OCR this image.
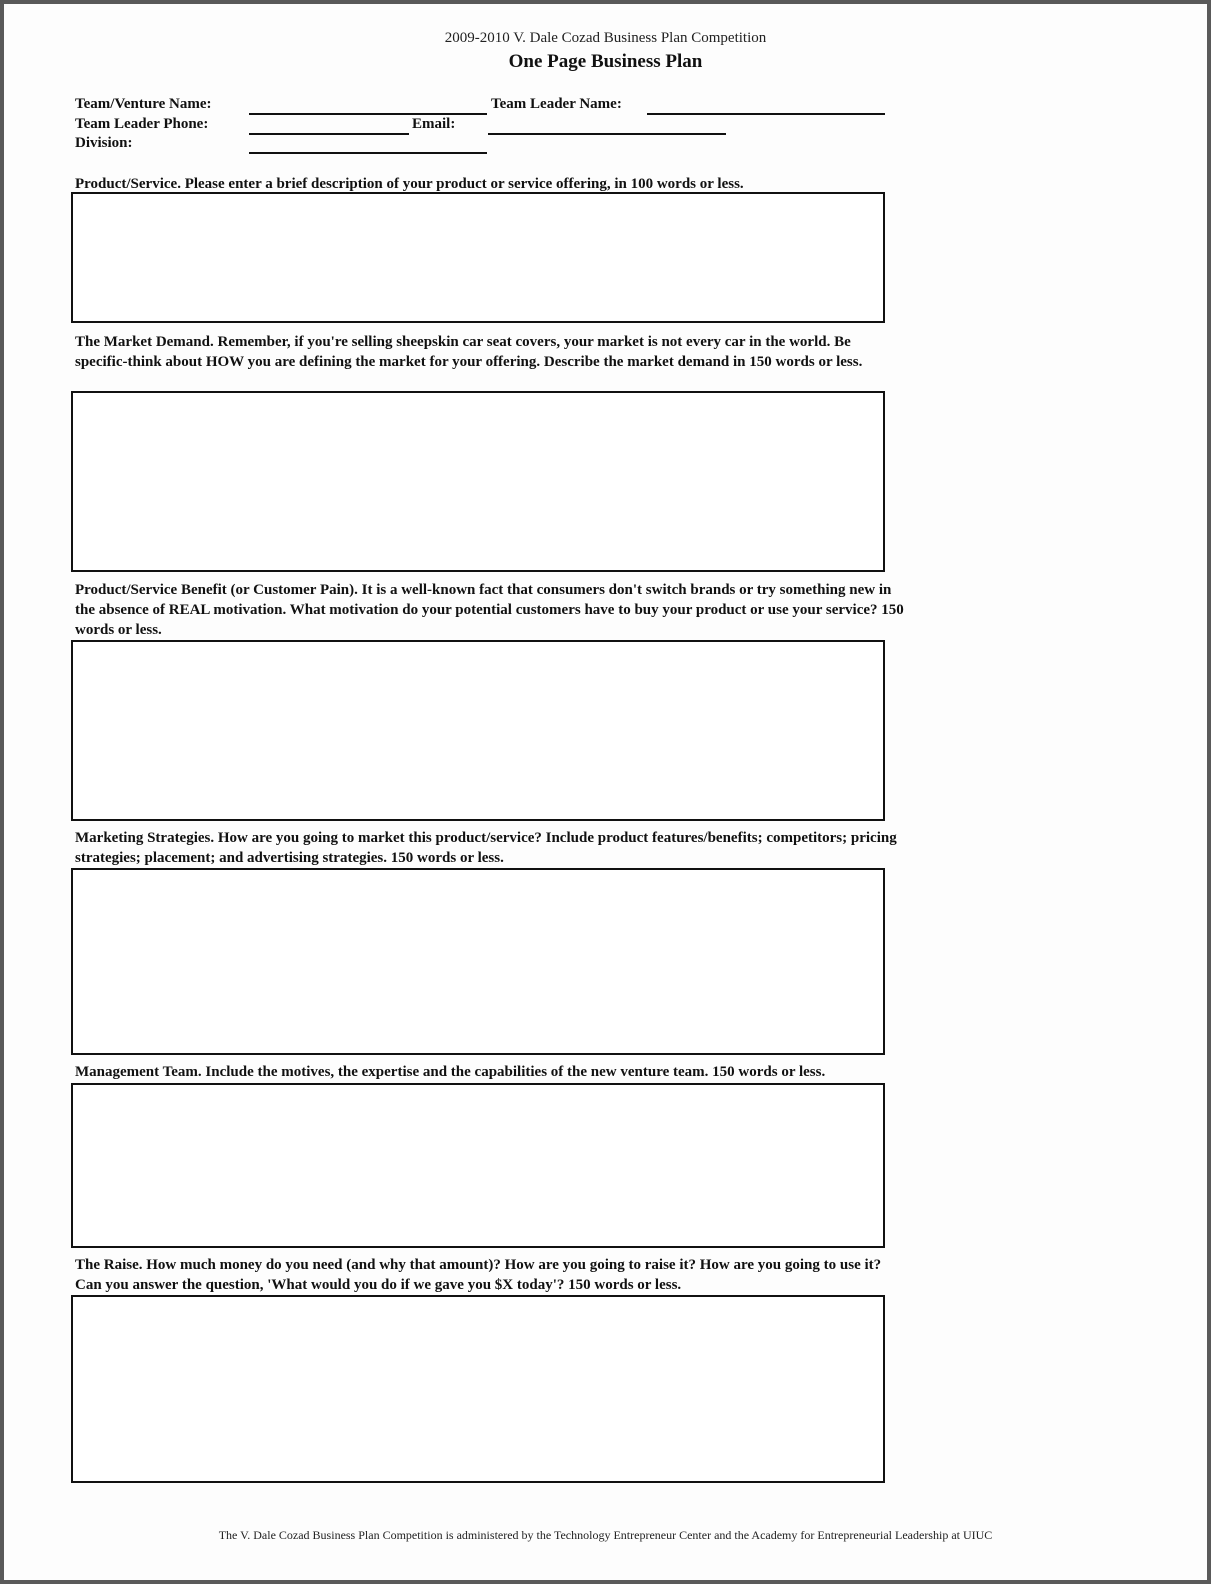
2009-2010 V. Dale Cozad Business Plan Competition
One Page Business Plan
Team/Venture Name:	Team Leader Name:
Team Leader Phone:	Email:
Division:
Product/Service. Please enter a brief description of your product or service offering, in 100 words or less.
The Market Demand. Remember, if you're selling sheepskin car seat covers, your market is not every car in the world. Be specific-think about HOW you are defining the market for your offering. Describe the market demand in 150 words or less.
Product/Service Benefit (or Customer Pain). It is a well-known fact that consumers don't switch brands or try something new in the absence of REAL motivation. What motivation do your potential customers have to buy your product or use your service? 150 words or less.
Marketing Strategies. How are you going to market this product/service? Include product features/benefits; competitors; pricing strategies; placement; and advertising strategies. 150 words or less.
Management Team. Include the motives, the expertise and the capabilities of the new venture team. 150 words or less.
The Raise. How much money do you need (and why that amount)? How are you going to raise it? How are you going to use it? Can you answer the question, 'What would you do if we gave you $X today'? 150 words or less.
The V. Dale Cozad Business Plan Competition is administered by the Technology Entrepreneur Center and the Academy for Entrepreneurial Leadership at UIUC
